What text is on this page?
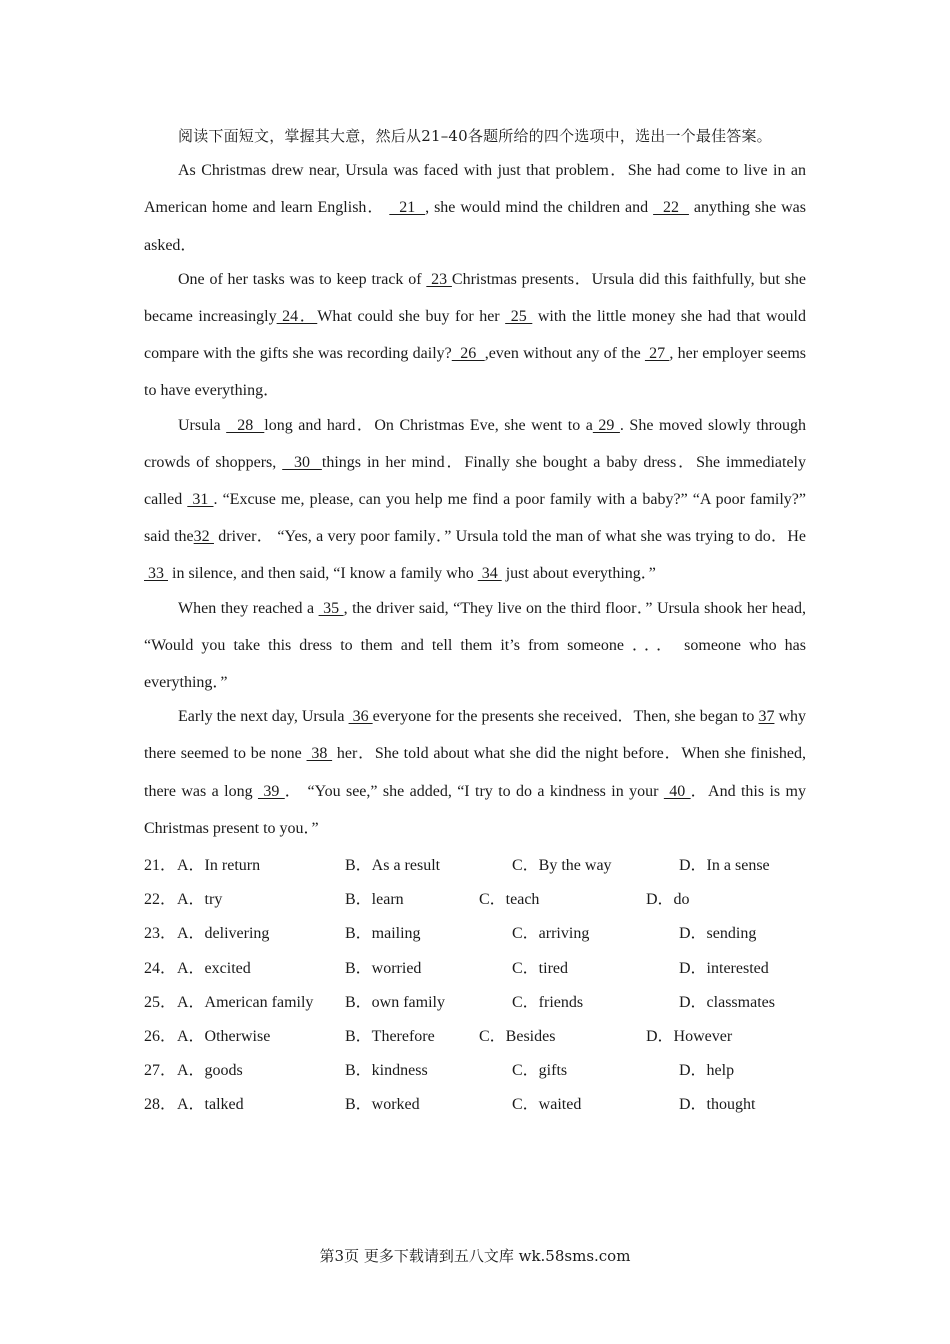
阅读下面短文，掌握其大意，然后从21–40各题所给的四个选项中，选出一个最佳答案。

As Christmas drew near, Ursula was faced with just that problem．She had come to live in an American home and learn English．   21  , she would mind the children and   22   anything she was asked．

One of her tasks was to keep track of  23 Christmas presents．Ursula did this faithfully, but she became increasingly 24．What could she buy for her  25  with the little money she had that would compare with the gifts she was recording daily?  26  ,even without any of the  27 , her employer seems to have everything．

Ursula   28  long and hard．On Christmas Eve, she went to a 29 . She moved slowly through crowds of shoppers,   30  things in her mind．Finally she bought a baby dress．She immediately called  31 . “Excuse me, please, can you help me find a poor family with a baby?” “A poor family?” said the32  driver． “Yes, a very poor family．” Ursula told the man of what she was trying to do．He  33  in silence, and then said, “I know a family who  34  just about everything．”

When they reached a  35 , the driver said, “They live on the third floor．” Ursula shook her head, “Would you take this dress to them and tell them it’s from someone ．．． someone who has everything．”

Early the next day, Ursula  36 everyone for the presents she received．Then, she began to 37 why there seemed to be none  38  her．She told about what she did the night before．When she finished, there was a long  39 ． “You see,” she added, “I try to do a kindness in your  40 ．And this is my Christmas present to you．”

21． A．In return	B．As a result	C．By the way	D．In a sense
22． A．try	B．learn	C．teach	D．do
23． A．delivering	B．mailing	C．arriving	D．sending
24． A．excited	B．worried	C．tired	D．interested
25． A．American family B．own family	C．friends	D．classmates
26． A．Otherwise	B．Therefore	C．Besides	D．However
27． A．goods	B．kindness	C．gifts	D．help
28． A．talked	B．worked	C．waited	D．thought
第3页 更多下载请到五八文库 wk.58sms.com
